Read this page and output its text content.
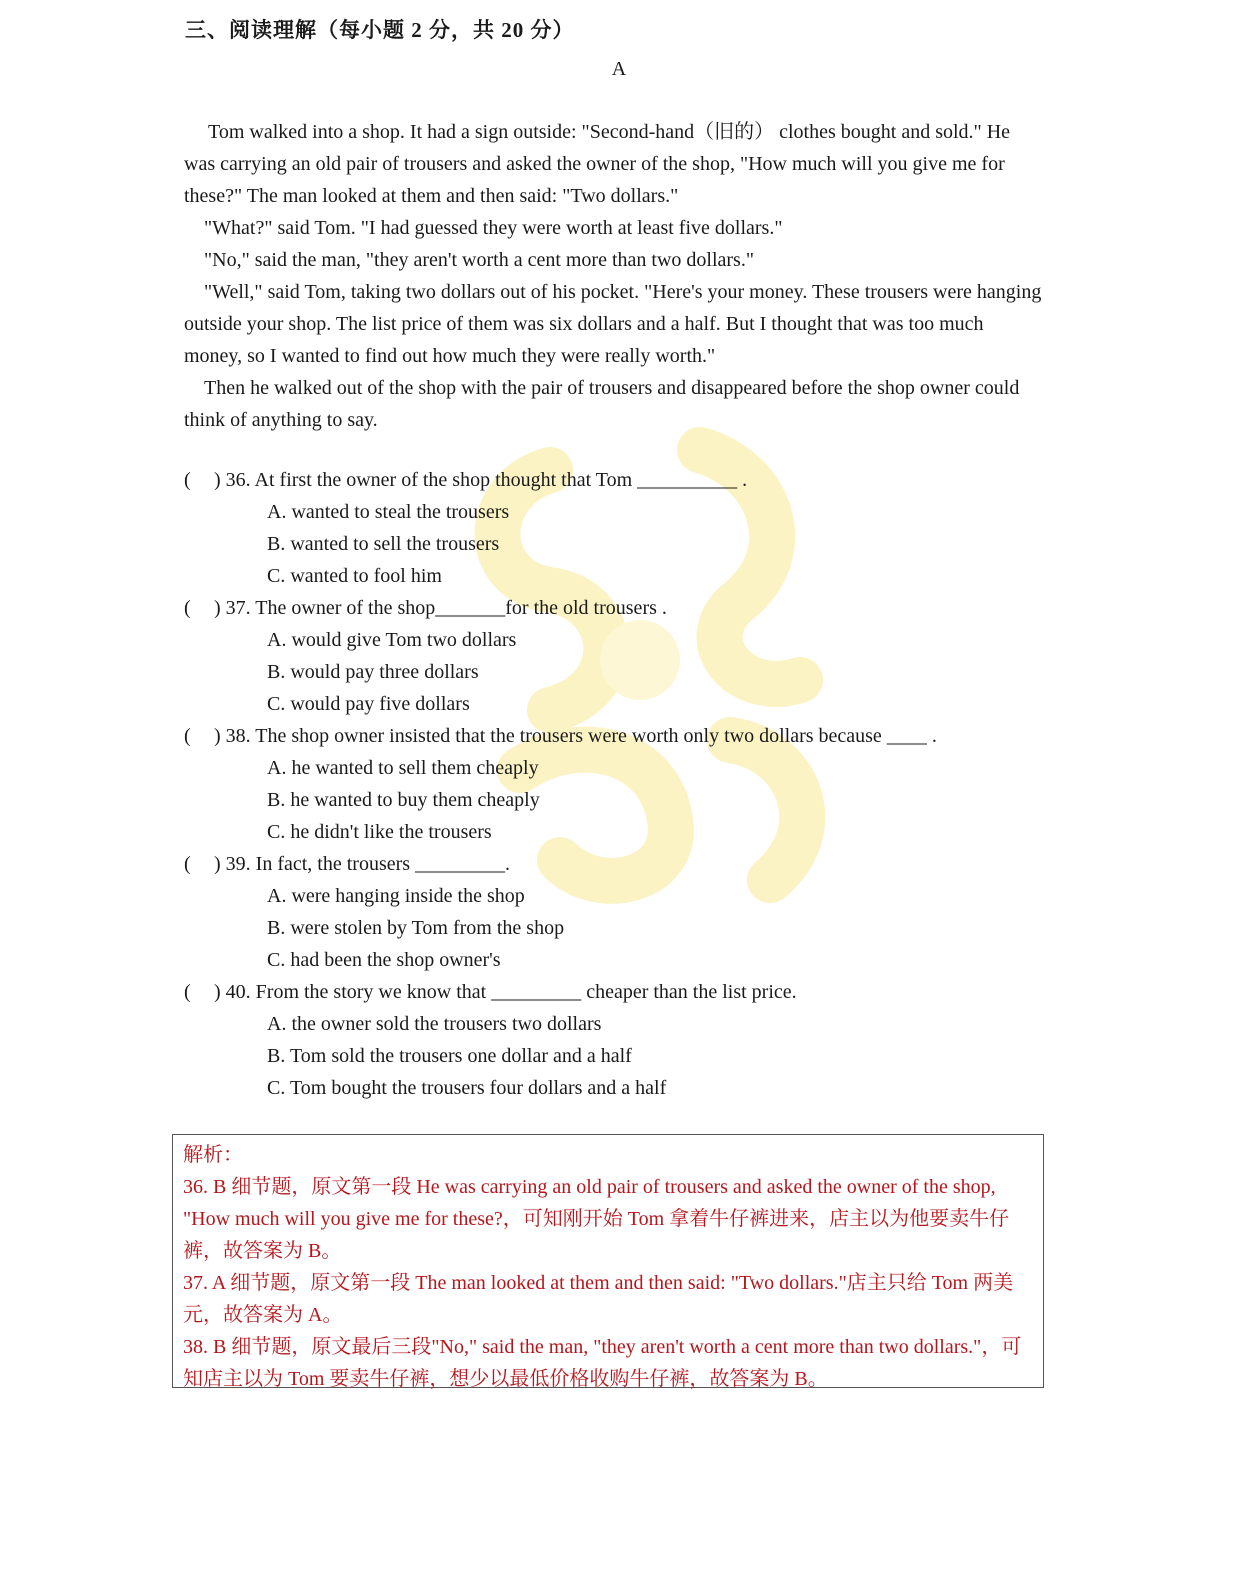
三、阅读理解（每小题 2 分，共 20 分）
A

Tom walked into a shop. It had a sign outside: "Second-hand（旧的） clothes bought and sold." He was carrying an old pair of trousers and asked the owner of the shop, "How much will you give me for these?" The man looked at them and then said: "Two dollars."

"What?" said Tom. "I had guessed they were worth at least five dollars."

"No," said the man, "they aren't worth a cent more than two dollars."

"Well," said Tom, taking two dollars out of his pocket. "Here's your money. These trousers were hanging outside your shop. The list price of them was six dollars and a half. But I thought that was too much money, so I wanted to find out how much they were really worth."

Then he walked out of the shop with the pair of trousers and disappeared before the shop owner could think of anything to say.

( ) 36. At first the owner of the shop thought that Tom __________ .

A. wanted to steal the trousers

B. wanted to sell the trousers

C. wanted to fool him

( ) 37. The owner of the shop_______for the old trousers .

A. would give Tom two dollars

B. would pay three dollars

C. would pay five dollars

( ) 38. The shop owner insisted that the trousers were worth only two dollars because ____ .

A. he wanted to sell them cheaply

B. he wanted to buy them cheaply

C. he didn't like the trousers

( ) 39. In fact, the trousers _________.

A. were hanging inside the shop

B. were stolen by Tom from the shop

C. had been the shop owner's

( ) 40. From the story we know that _________ cheaper than the list price.

A. the owner sold the trousers two dollars

B. Tom sold the trousers one dollar and a half

C. Tom bought the trousers four dollars and a half

解析：

36. B 细节题，原文第一段 He was carrying an old pair of trousers and asked the owner of the shop, "How much will you give me for these?，可知刚开始 Tom 拿着牛仔裤进来，店主以为他要卖牛仔裤，故答案为 B。

37. A 细节题，原文第一段 The man looked at them and then said: "Two dollars."店主只给 Tom 两美元，故答案为 A。

38. B 细节题，原文最后三段"No," said the man, "they aren't worth a cent more than two dollars."，可知店主以为 Tom 要卖牛仔裤，想少以最低价格收购牛仔裤，故答案为 B。
